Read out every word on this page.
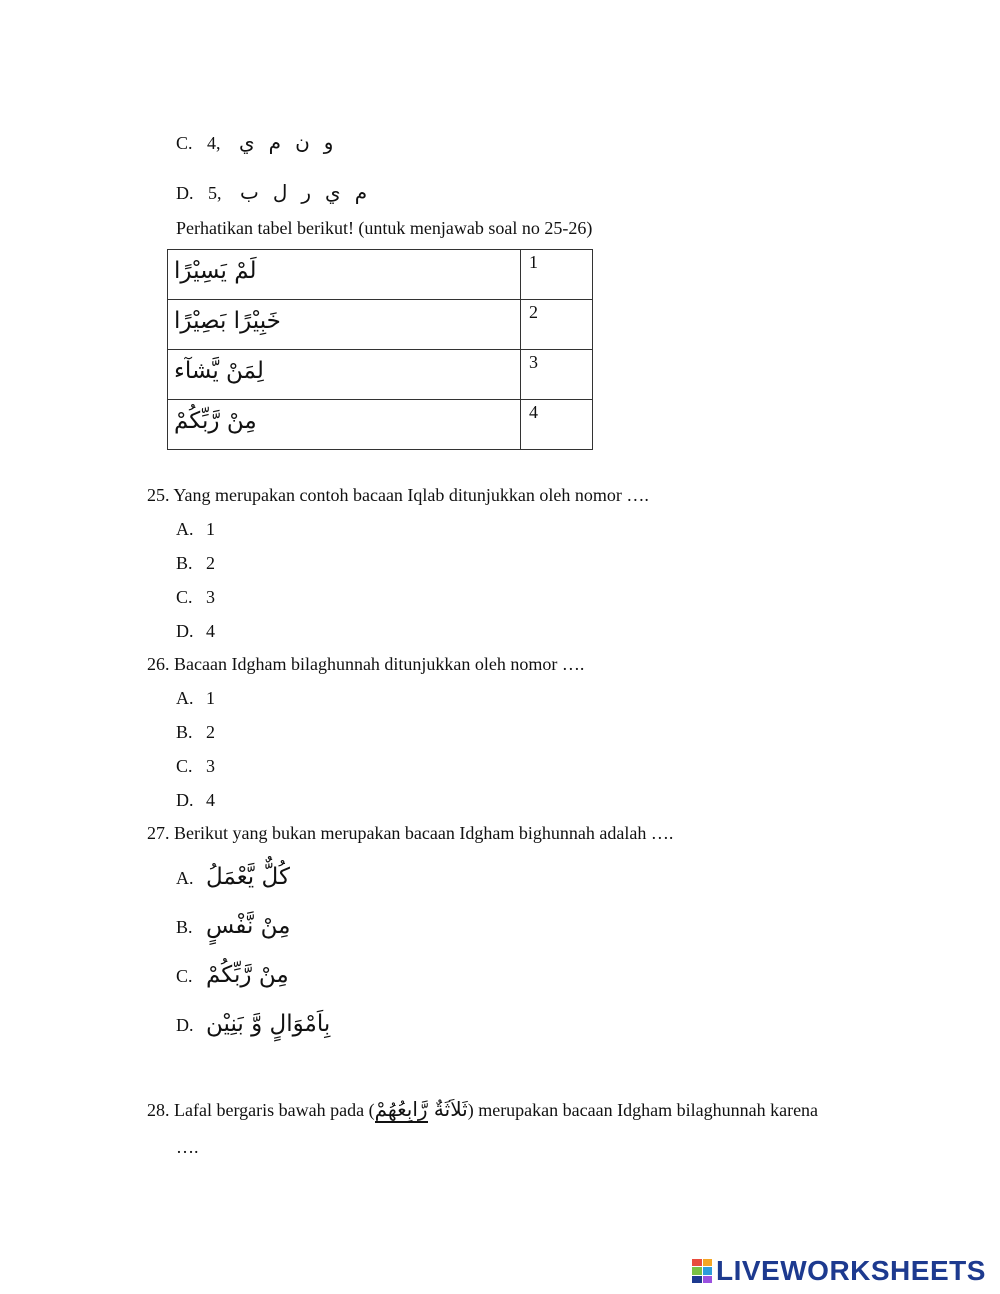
C. 4,	ونمي
D. 5,	ميرلب
Perhatikan tabel berikut! (untuk menjawab soal no 25-26)
لَمْ يَسِيْرًا	1
خَبِيْرًا بَصِيْرًا	2
لِمَنْ يَّشآء	3
مِنْ رَّبِّكُمْ	4
25. Yang merupakan contoh bacaan Iqlab ditunjukkan oleh nomor ….
A. 1
B. 2
C. 3
D. 4
26. Bacaan Idgham bilaghunnah ditunjukkan oleh nomor ….
A. 1
B. 2
C. 3
D. 4
27. Berikut yang bukan merupakan bacaan Idgham bighunnah adalah ….
A. كُلٌّ يَّعْمَلُ
B. مِنْ نَّفْسٍ
C. مِنْ رَّبِّكُمْ
D. بِاَمْوَالٍ وَّ بَنِيْن
28. Lafal bergaris bawah pada (	ثَلاَثَةٌ رَّابِعُهُمْ ) merupakan bacaan Idgham bilaghunnah karena
….
LIVEWORKSHEETS
